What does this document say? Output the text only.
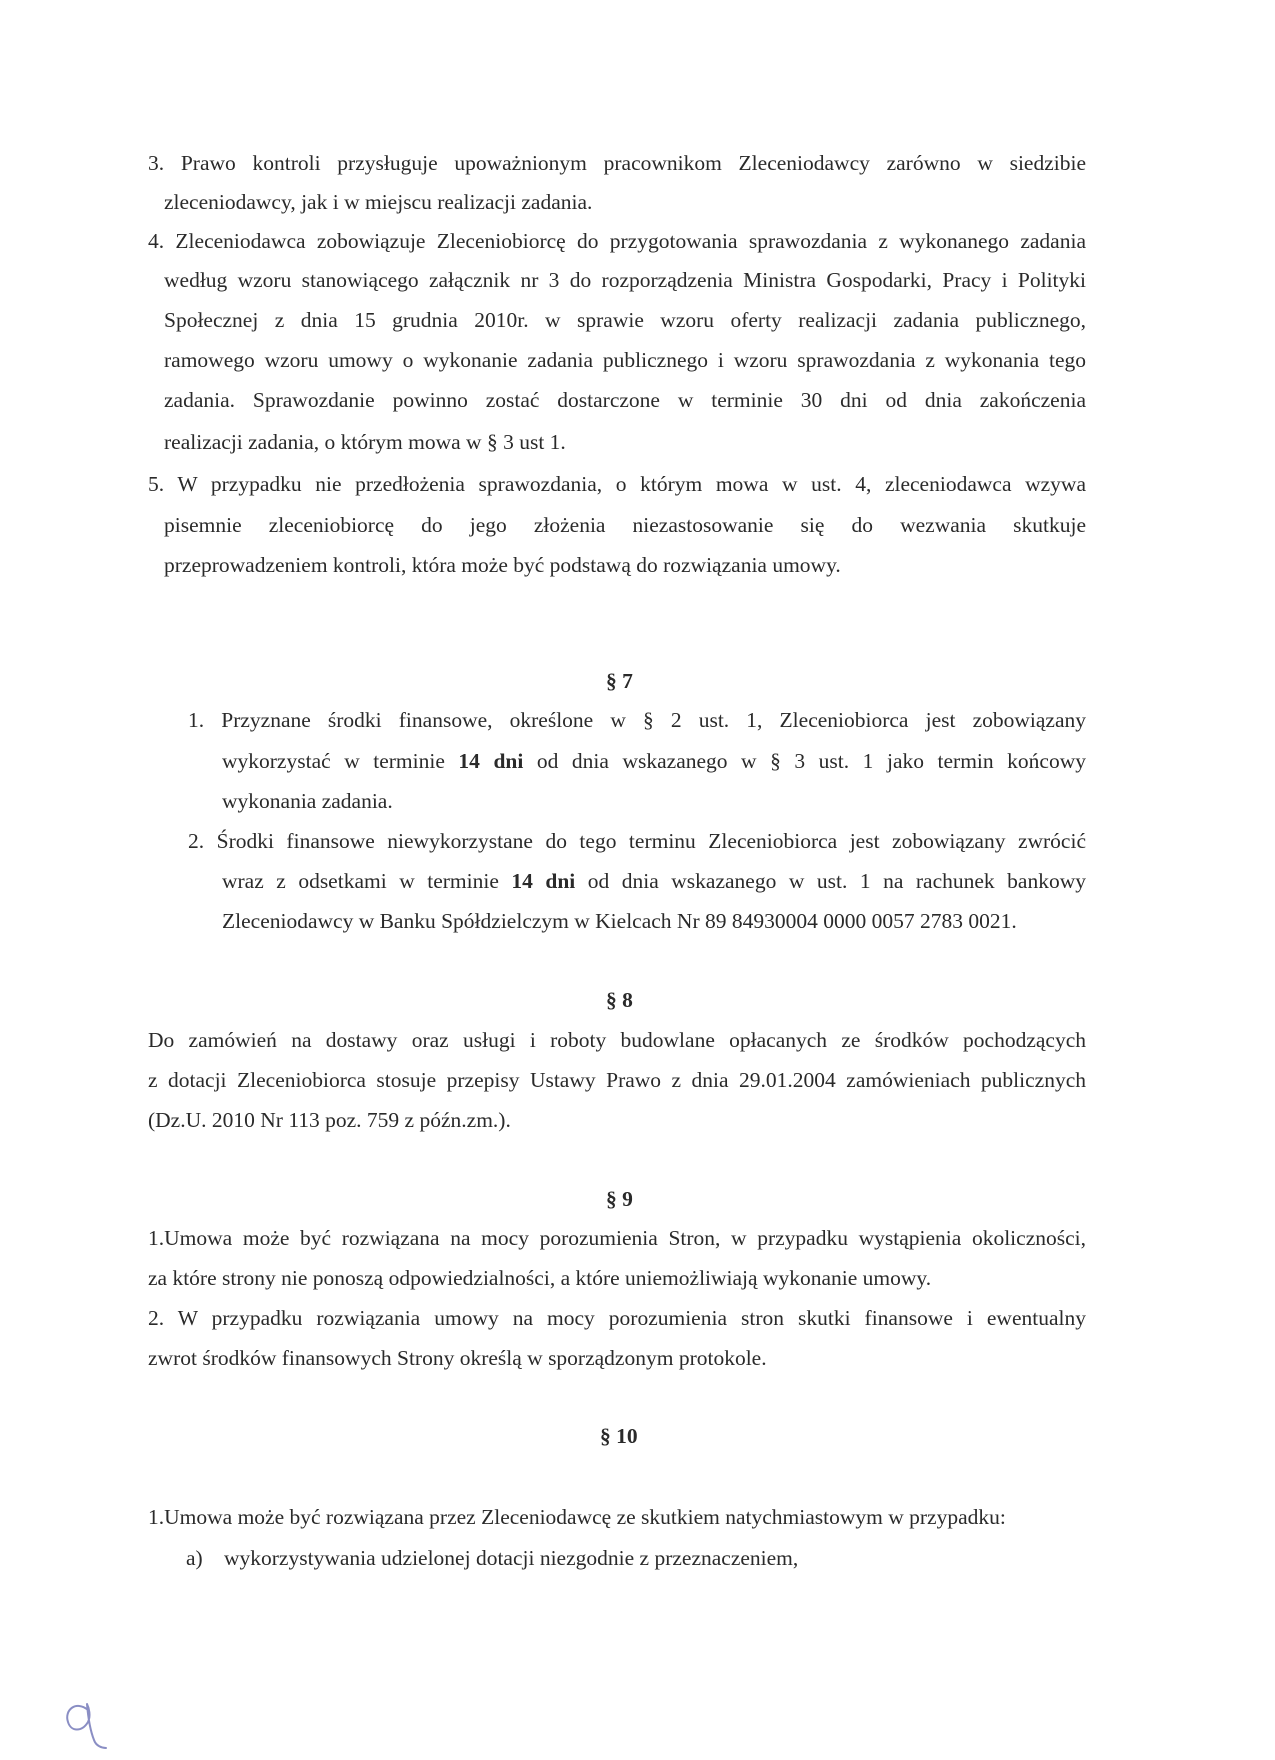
3. Prawo kontroli przysługuje upoważnionym pracownikom Zleceniodawcy zarówno w siedzibie
zleceniodawcy, jak i w miejscu realizacji zadania.
4. Zleceniodawca zobowiązuje Zleceniobiorcę do przygotowania sprawozdania z wykonanego zadania
według wzoru stanowiącego załącznik nr 3 do rozporządzenia Ministra Gospodarki, Pracy i Polityki
Społecznej z dnia 15 grudnia 2010r. w sprawie wzoru oferty realizacji zadania publicznego,
ramowego wzoru umowy o wykonanie zadania publicznego i wzoru sprawozdania z wykonania tego
zadania. Sprawozdanie powinno zostać dostarczone w terminie 30 dni od dnia zakończenia
realizacji zadania, o którym mowa w § 3 ust 1.
5. W przypadku nie przedłożenia sprawozdania, o którym mowa w ust. 4, zleceniodawca wzywa
pisemnie zleceniobiorcę do jego złożenia niezastosowanie się do wezwania skutkuje
przeprowadzeniem kontroli, która może być podstawą do rozwiązania umowy.
§ 7
1. Przyznane środki finansowe, określone w § 2 ust. 1, Zleceniobiorca jest zobowiązany
wykorzystać w terminie 14 dni od dnia wskazanego w § 3 ust. 1 jako termin końcowy
wykonania zadania.
2. Środki finansowe niewykorzystane do tego terminu Zleceniobiorca jest zobowiązany zwrócić
wraz z odsetkami w terminie 14 dni od dnia wskazanego w ust. 1 na rachunek bankowy
Zleceniodawcy w Banku Spółdzielczym w Kielcach Nr 89 84930004 0000 0057 2783 0021.
§ 8
Do zamówień na dostawy oraz usługi i roboty budowlane opłacanych ze środków pochodzących
z dotacji Zleceniobiorca stosuje przepisy Ustawy Prawo z dnia 29.01.2004 zamówieniach publicznych
(Dz.U. 2010 Nr 113 poz. 759 z późn.zm.).
§ 9
1.Umowa może być rozwiązana na mocy porozumienia Stron, w przypadku wystąpienia okoliczności,
za które strony nie ponoszą odpowiedzialności, a które uniemożliwiają wykonanie umowy.
2. W przypadku rozwiązania umowy na mocy porozumienia stron skutki finansowe i ewentualny
zwrot środków finansowych Strony określą w sporządzonym protokole.
§ 10
1.Umowa może być rozwiązana przez Zleceniodawcę ze skutkiem natychmiastowym w przypadku:
a) wykorzystywania udzielonej dotacji niezgodnie z przeznaczeniem,
